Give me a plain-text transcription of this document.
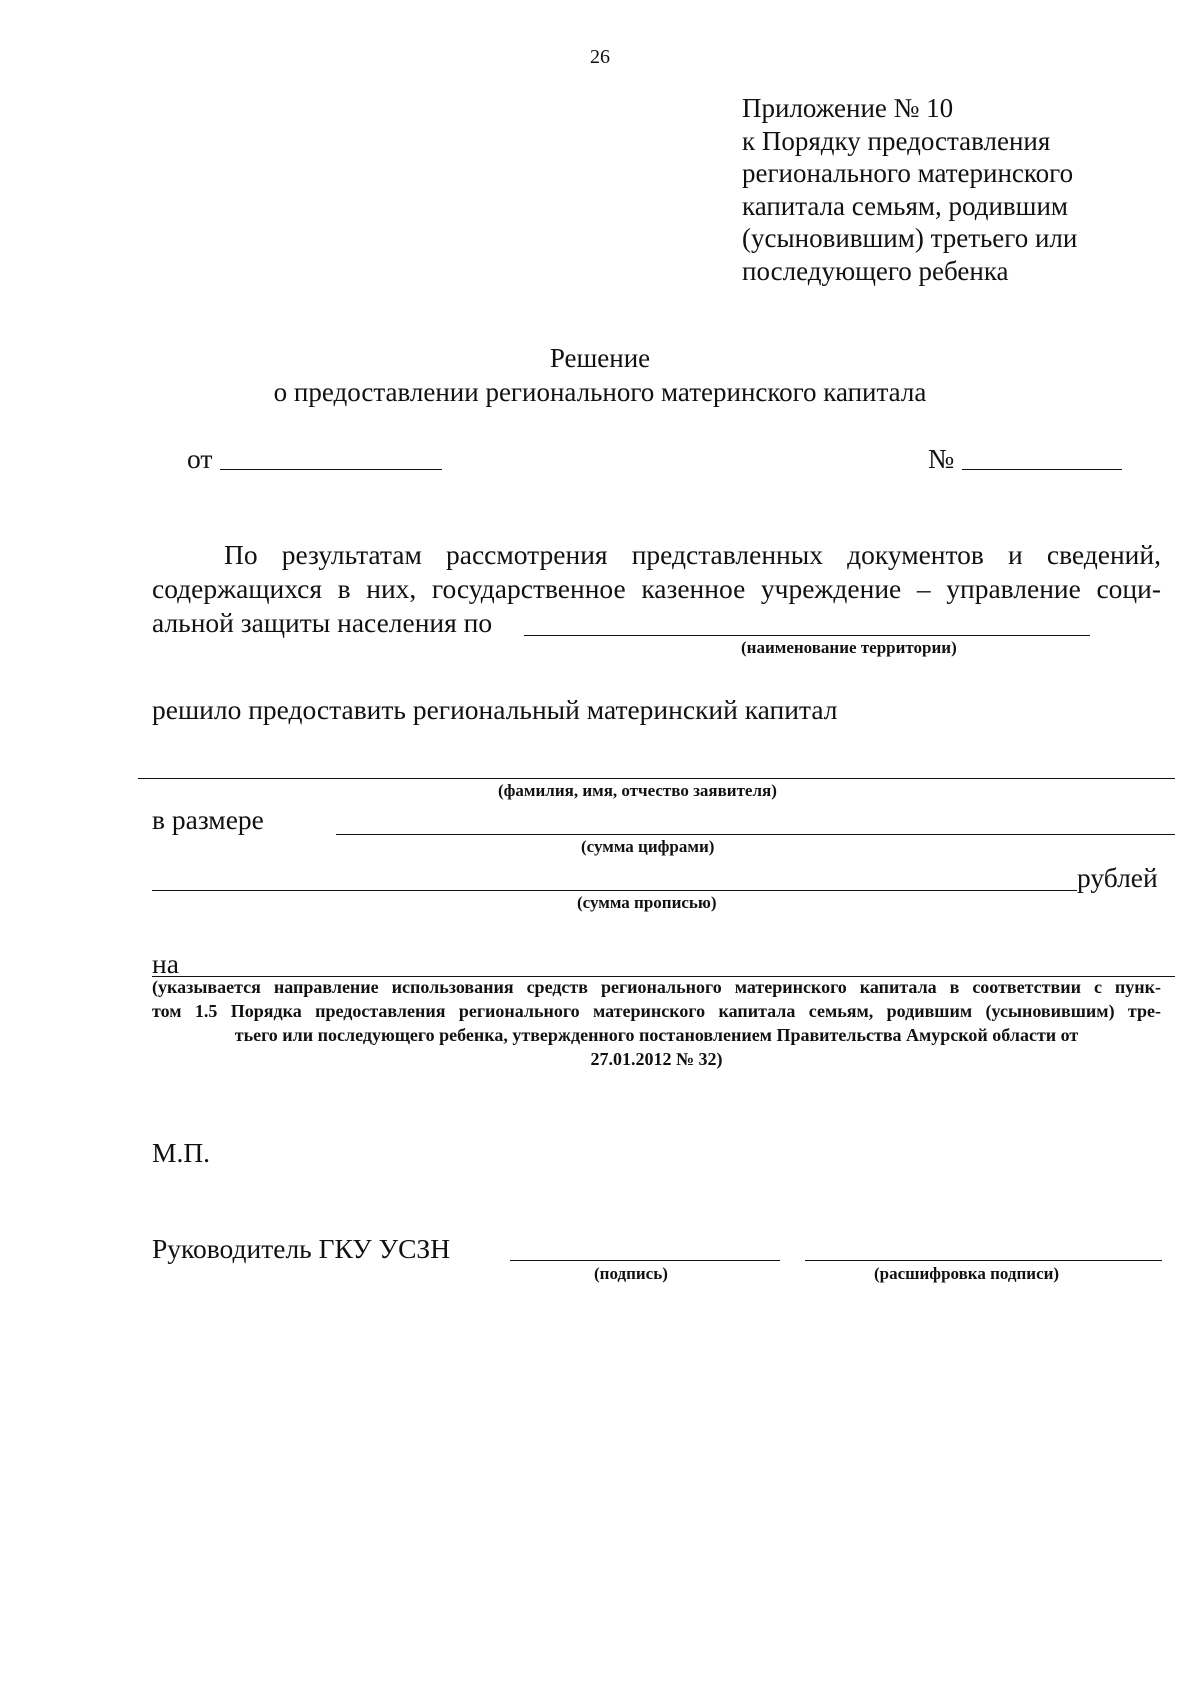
26
Приложение № 10
к Порядку предоставления
регионального материнского
капитала семьям, родившим
(усыновившим) третьего или
последующего ребенка
Решение
о предоставлении регионального материнского капитала
от	№
По результатам рассмотрения представленных документов и сведений,
содержащихся в них, государственное казенное учреждение – управление соци-
альной защиты населения по
(наименование территории)
решило предоставить региональный материнский капитал
(фамилия, имя, отчество заявителя)
в размере
(сумма цифрами)
рублей
(сумма прописью)
на
(указывается направление использования средств регионального материнского капитала в соответствии с пунк-
том 1.5 Порядка предоставления регионального материнского капитала семьям, родившим (усыновившим) тре-
тьего или последующего ребенка, утвержденного постановлением Правительства Амурской области от
27.01.2012 № 32)
М.П.
Руководитель ГКУ УСЗН
(подпись)	(расшифровка подписи)
